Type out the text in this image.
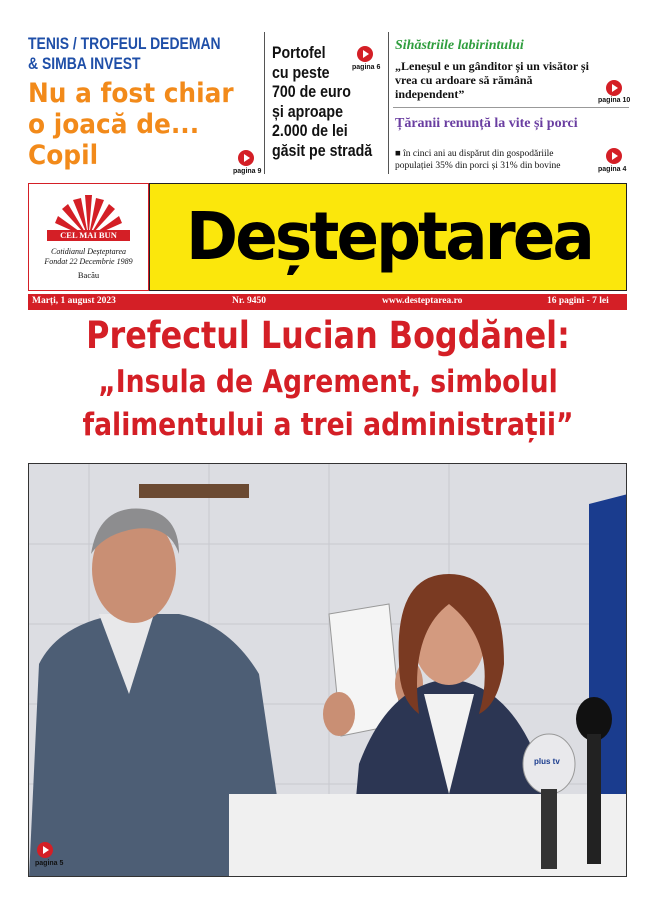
TENIS / TROFEUL DEDEMAN
& SIMBA INVEST
Nu a fost chiar
o joacă de...
Copil
pagina 9
Portofel
cu peste
700 de euro
și aproape
2.000 de lei
găsit pe stradă
pagina 6
Sihăstriile labirintului
„Leneșul e un gânditor și un visător și
vrea cu ardoare să rămână
independent”	pagina 10
Țăranii renunță la vite și porci
■ în cinci ani au dispărut din gospodăriile
populației 35% din porci și 31% din bovine	pagina 4
CEL MAI BUN
Cotidianul Deșteptarea
Fondat 22 Decembrie 1989
Bacău	Deșteptarea
Marți, 1 august 2023	Nr. 9450	www.desteptarea.ro	16 pagini - 7 lei
Prefectul Lucian Bogdănel:
„Insula de Agrement, simbolul
falimentului a trei administrații”
plus tv
pagina 5
